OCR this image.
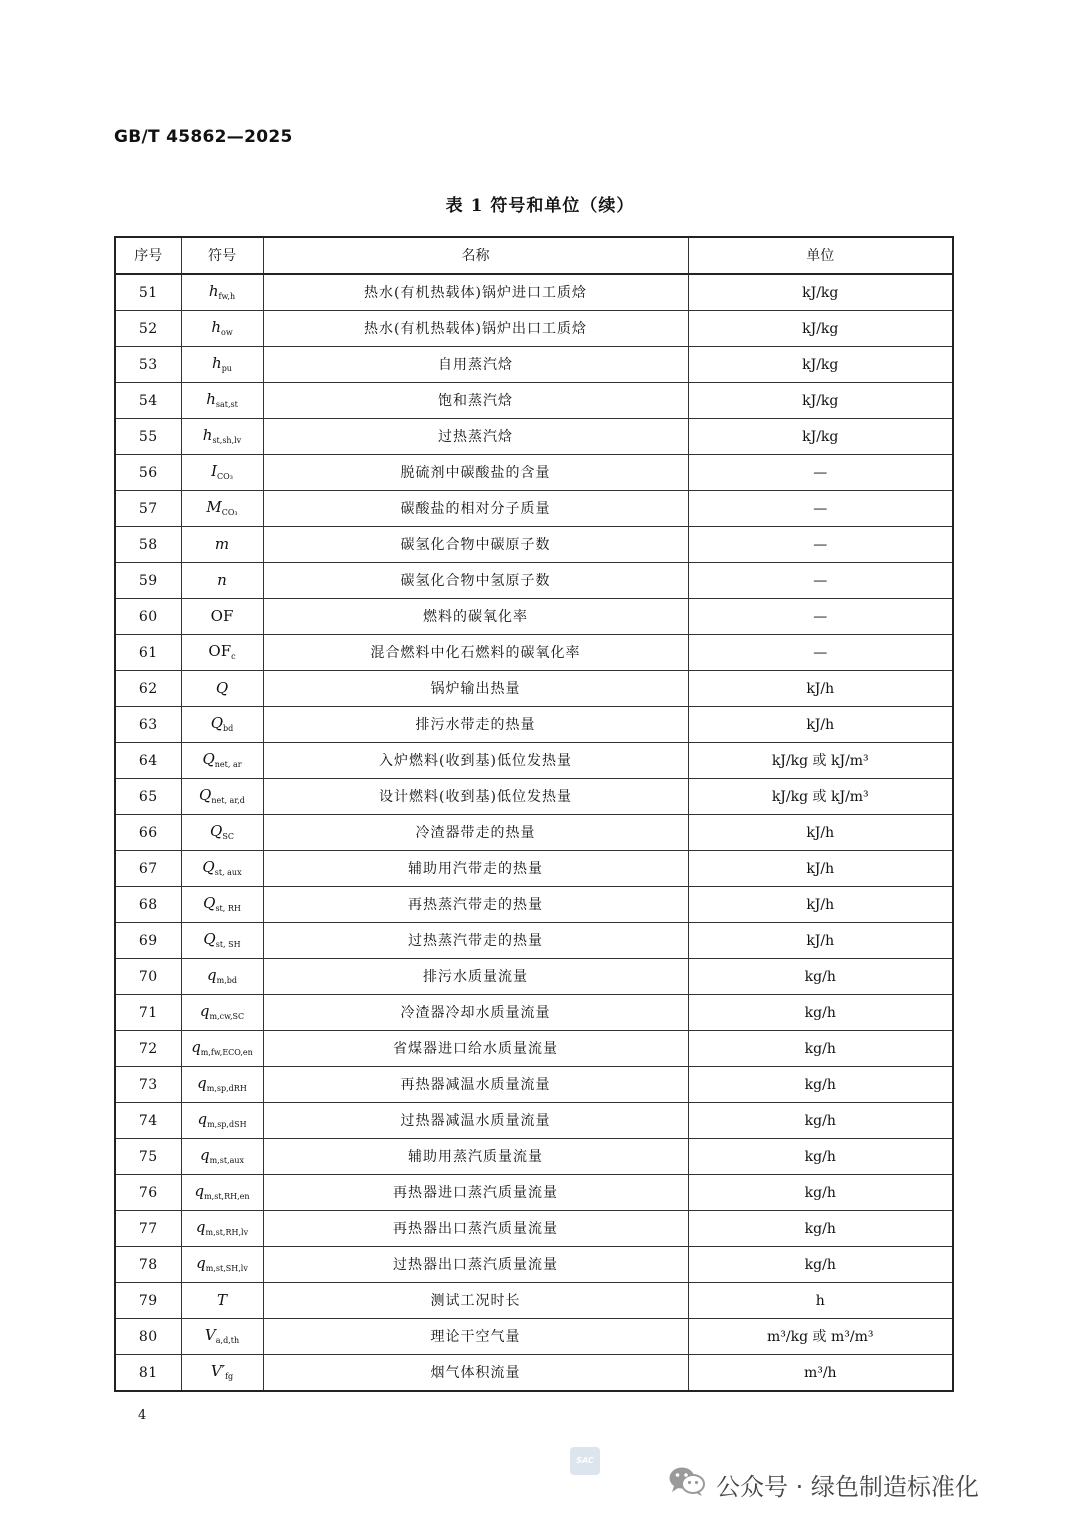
GB/T 45862—2025
表 1 符号和单位（续）
序号	符号	名称	单位
51	$h_{fw,h}$	热水(有机热载体)锅炉进口工质焓	kJ/kg
52	$h_{ow}$	热水(有机热载体)锅炉出口工质焓	kJ/kg
53	$h_{pu}$	自用蒸汽焓	kJ/kg
54	$h_{sat,st}$	饱和蒸汽焓	kJ/kg
55	$h_{st,sh,lv}$	过热蒸汽焓	kJ/kg
56	$I_{CO_3}$	脱硫剂中碳酸盐的含量	—
57	$M_{CO_3}$	碳酸盐的相对分子质量	—
58	m	碳氢化合物中碳原子数	—
59	n	碳氢化合物中氢原子数	—
60	OF	燃料的碳氧化率	—
61	$OF_c$	混合燃料中化石燃料的碳氧化率	—
62	Q	锅炉输出热量	kJ/h
63	$Q_{bd}$	排污水带走的热量	kJ/h
64	$Q_{net, ar}$	入炉燃料(收到基)低位发热量	kJ/kg 或 kJ/m³
65	$Q_{net, ar,d}$	设计燃料(收到基)低位发热量	kJ/kg 或 kJ/m³
66	$Q_{SC}$	冷渣器带走的热量	kJ/h
67	$Q_{st, aux}$	辅助用汽带走的热量	kJ/h
68	$Q_{st, RH}$	再热蒸汽带走的热量	kJ/h
69	$Q_{st, SH}$	过热蒸汽带走的热量	kJ/h
70	$q_{m,bd}$	排污水质量流量	kg/h
71	$q_{m,cw,SC}$	冷渣器冷却水质量流量	kg/h
72	$q_{m,fw,ECO,en}$	省煤器进口给水质量流量	kg/h
73	$q_{m,sp,dRH}$	再热器减温水质量流量	kg/h
74	$q_{m,sp,dSH}$	过热器减温水质量流量	kg/h
75	$q_{m,st,aux}$	辅助用蒸汽质量流量	kg/h
76	$q_{m,st,RH,en}$	再热器进口蒸汽质量流量	kg/h
77	$q_{m,st,RH,lv}$	再热器出口蒸汽质量流量	kg/h
78	$q_{m,st,SH,lv}$	过热器出口蒸汽质量流量	kg/h
79	T	测试工况时长	h
80	$V_{a,d,th}$	理论干空气量	m³/kg 或 m³/m³
81	$V'_{fg}$	烟气体积流量	m³/h
4
SAC
公众号 · 绿色制造标准化
